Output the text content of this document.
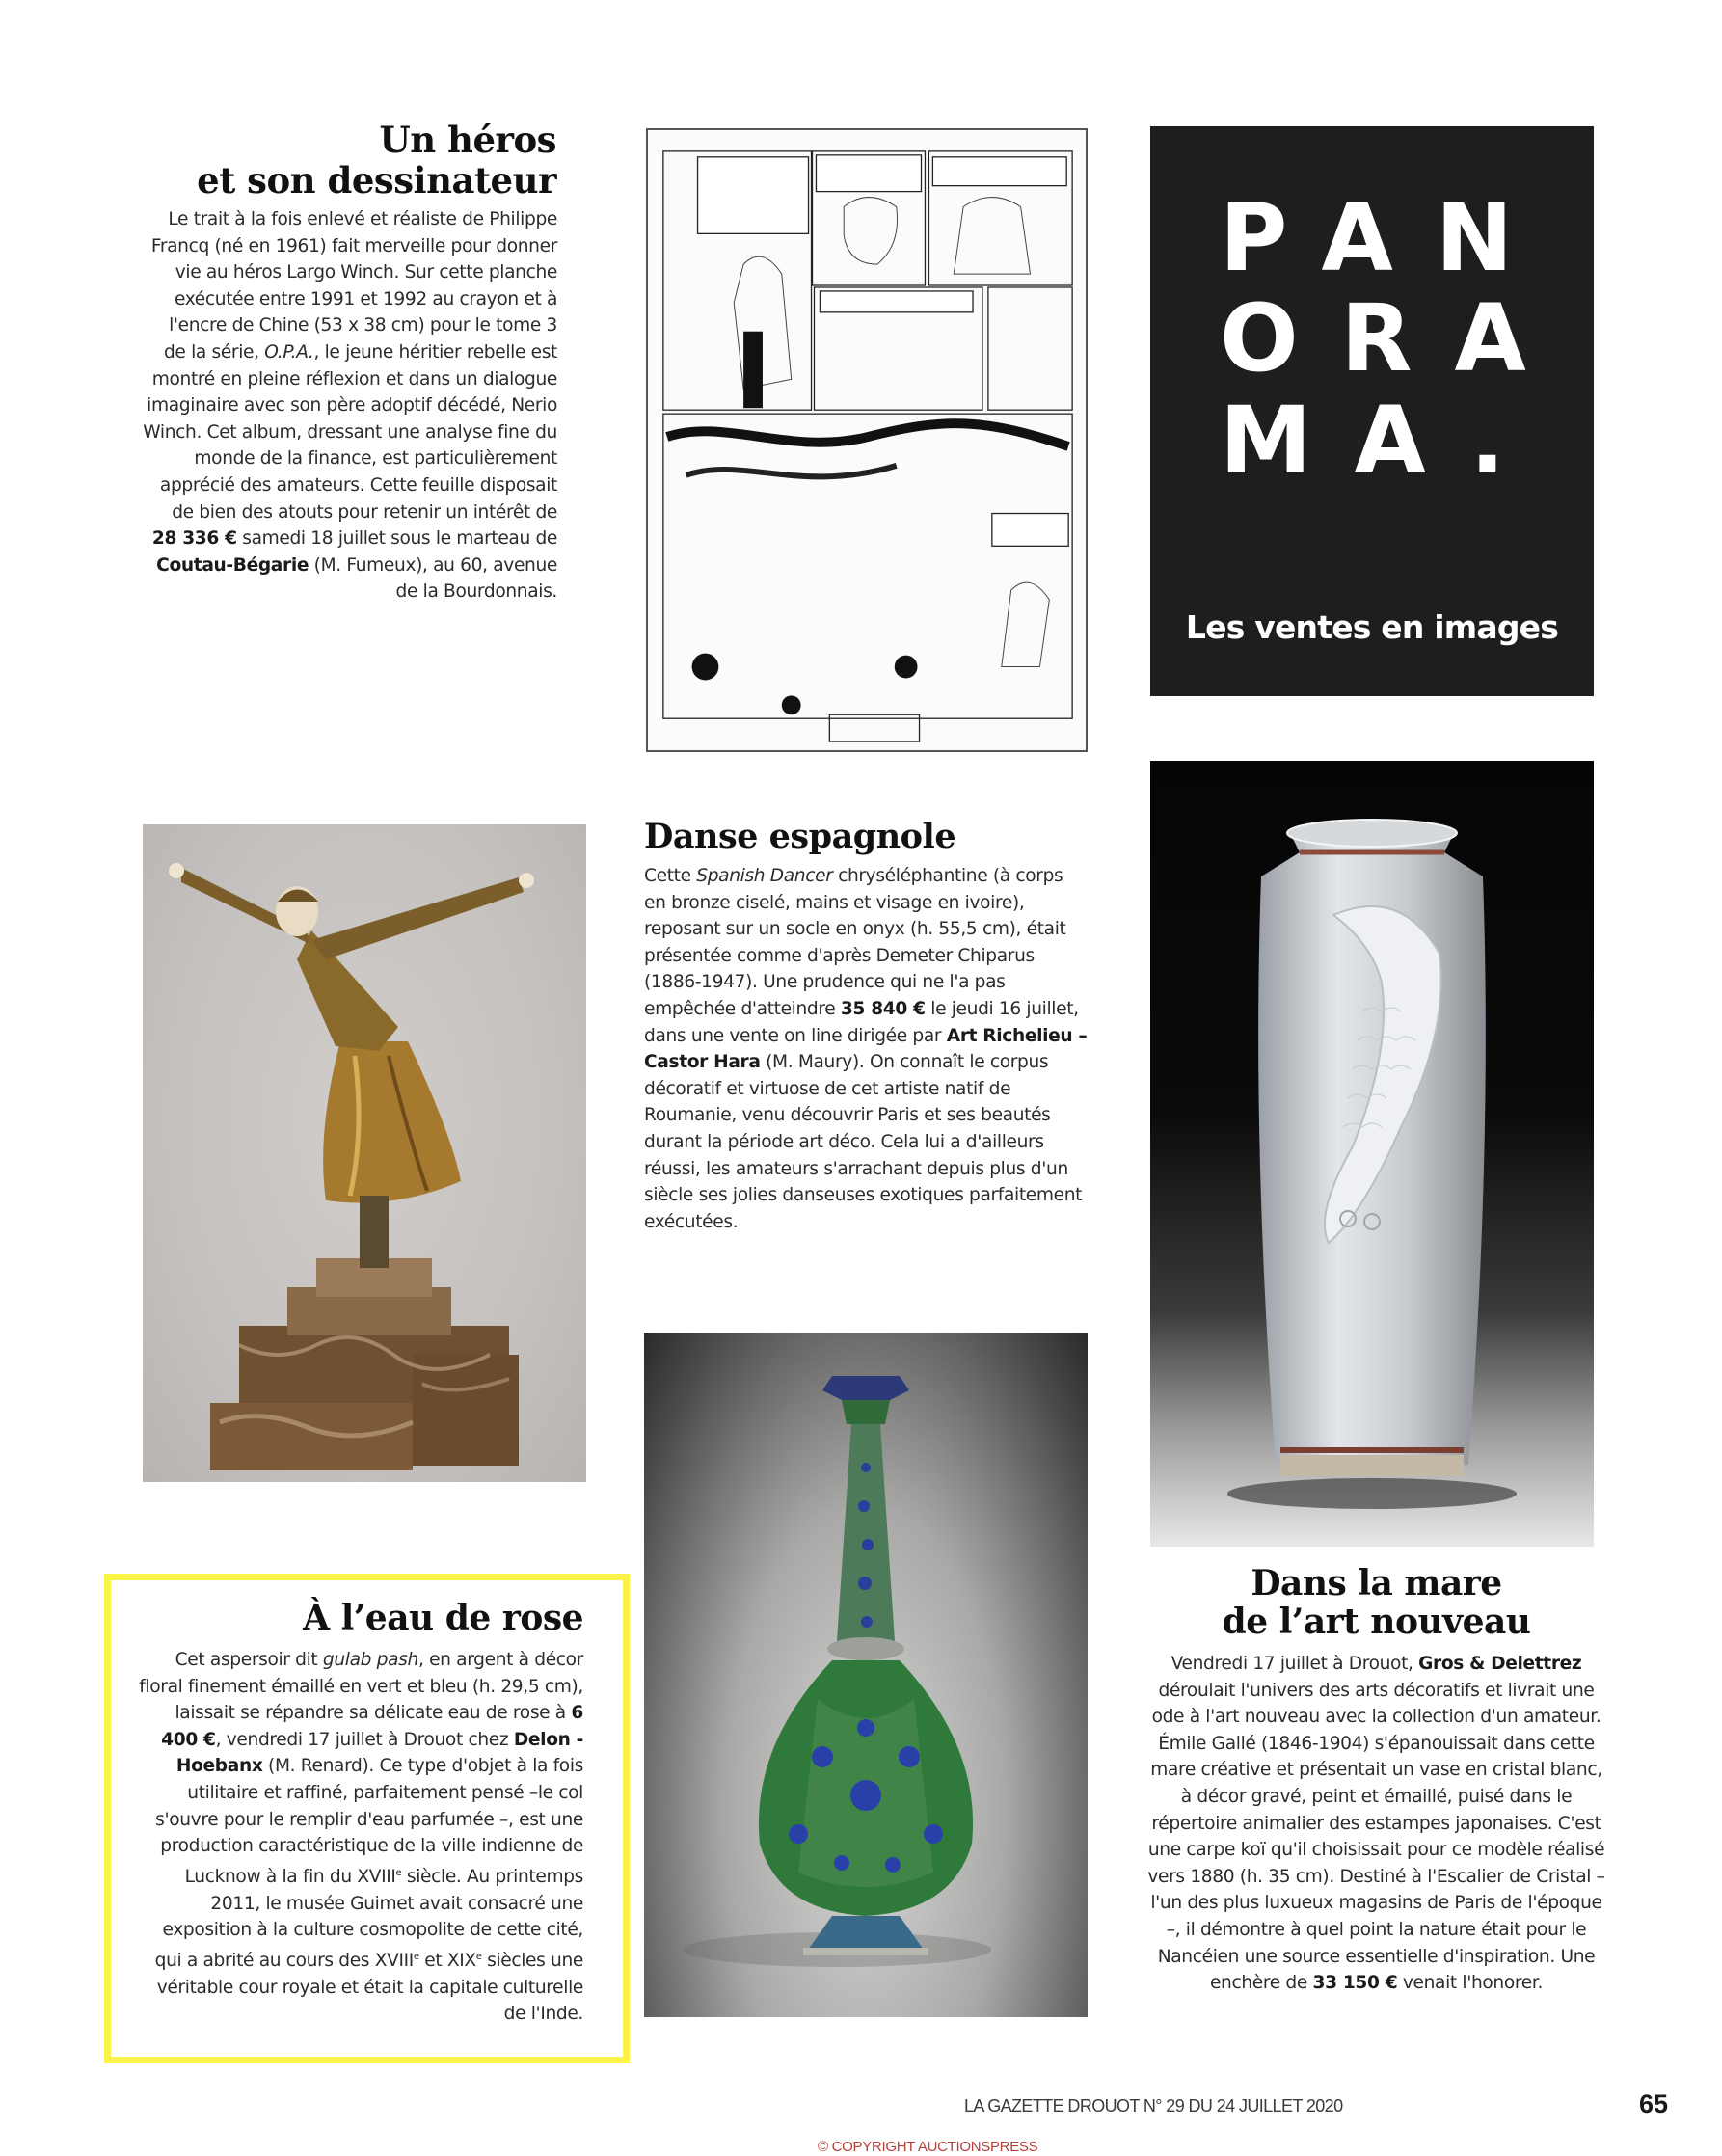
Un héros
et son dessinateur

Le trait à la fois enlevé et réaliste de Philippe Francq (né en 1961) fait merveille pour donner vie au héros Largo Winch. Sur cette planche exécutée entre 1991 et 1992 au crayon et à l'encre de Chine (53 x 38 cm) pour le tome 3 de la série, O.P.A., le jeune héritier rebelle est montré en pleine réflexion et dans un dialogue imaginaire avec son père adoptif décédé, Nerio Winch. Cet album, dressant une analyse fine du monde de la finance, est particulièrement apprécié des amateurs. Cette feuille disposait de bien des atouts pour retenir un intérêt de 28 336 € samedi 18 juillet sous le marteau de Coutau-Bégarie (M. Fumeux), au 60, avenue de la Bourdonnais.

PAN
ORA
MA.
Les ventes en images
Danse espagnole

Cette Spanish Dancer chryséléphantine (à corps en bronze ciselé, mains et visage en ivoire), reposant sur un socle en onyx (h. 55,5 cm), était présentée comme d'après Demeter Chiparus (1886-1947). Une prudence qui ne l'a pas empêchée d'atteindre 35 840 € le jeudi 16 juillet, dans une vente on line dirigée par Art Richelieu – Castor Hara (M. Maury). On connaît le corpus décoratif et virtuose de cet artiste natif de Roumanie, venu découvrir Paris et ses beautés durant la période art déco. Cela lui a d'ailleurs réussi, les amateurs s'arrachant depuis plus d'un siècle ses jolies danseuses exotiques parfaitement exécutées.

À l’eau de rose

Cet aspersoir dit gulab pash, en argent à décor floral finement émaillé en vert et bleu (h. 29,5 cm), laissait se répandre sa délicate eau de rose à 6 400 €, vendredi 17 juillet à Drouot chez Delon - Hoebanx (M. Renard). Ce type d'objet à la fois utilitaire et raffiné, parfaitement pensé –le col s'ouvre pour le remplir d'eau parfumée –, est une production caractéristique de la ville indienne de Lucknow à la fin du XVIIIe siècle. Au printemps 2011, le musée Guimet avait consacré une exposition à la culture cosmopolite de cette cité, qui a abrité au cours des XVIIIe et XIXe siècles une véritable cour royale et était la capitale culturelle de l'Inde.

Dans la mare
de l’art nouveau

Vendredi 17 juillet à Drouot, Gros & Delettrez déroulait l'univers des arts décoratifs et livrait une ode à l'art nouveau avec la collection d'un amateur. Émile Gallé (1846-1904) s'épanouissait dans cette mare créative et présentait un vase en cristal blanc, à décor gravé, peint et émaillé, puisé dans le répertoire animalier des estampes japonaises. C'est une carpe koï qu'il choisissait pour ce modèle réalisé vers 1880 (h. 35 cm). Destiné à l'Escalier de Cristal – l'un des plus luxueux magasins de Paris de l'époque –, il démontre à quel point la nature était pour le Nancéien une source essentielle d'inspiration. Une enchère de 33 150 € venait l'honorer.

LA GAZETTE DROUOT N° 29 DU 24 JUILLET 2020	65
© COPYRIGHT AUCTIONSPRESS
